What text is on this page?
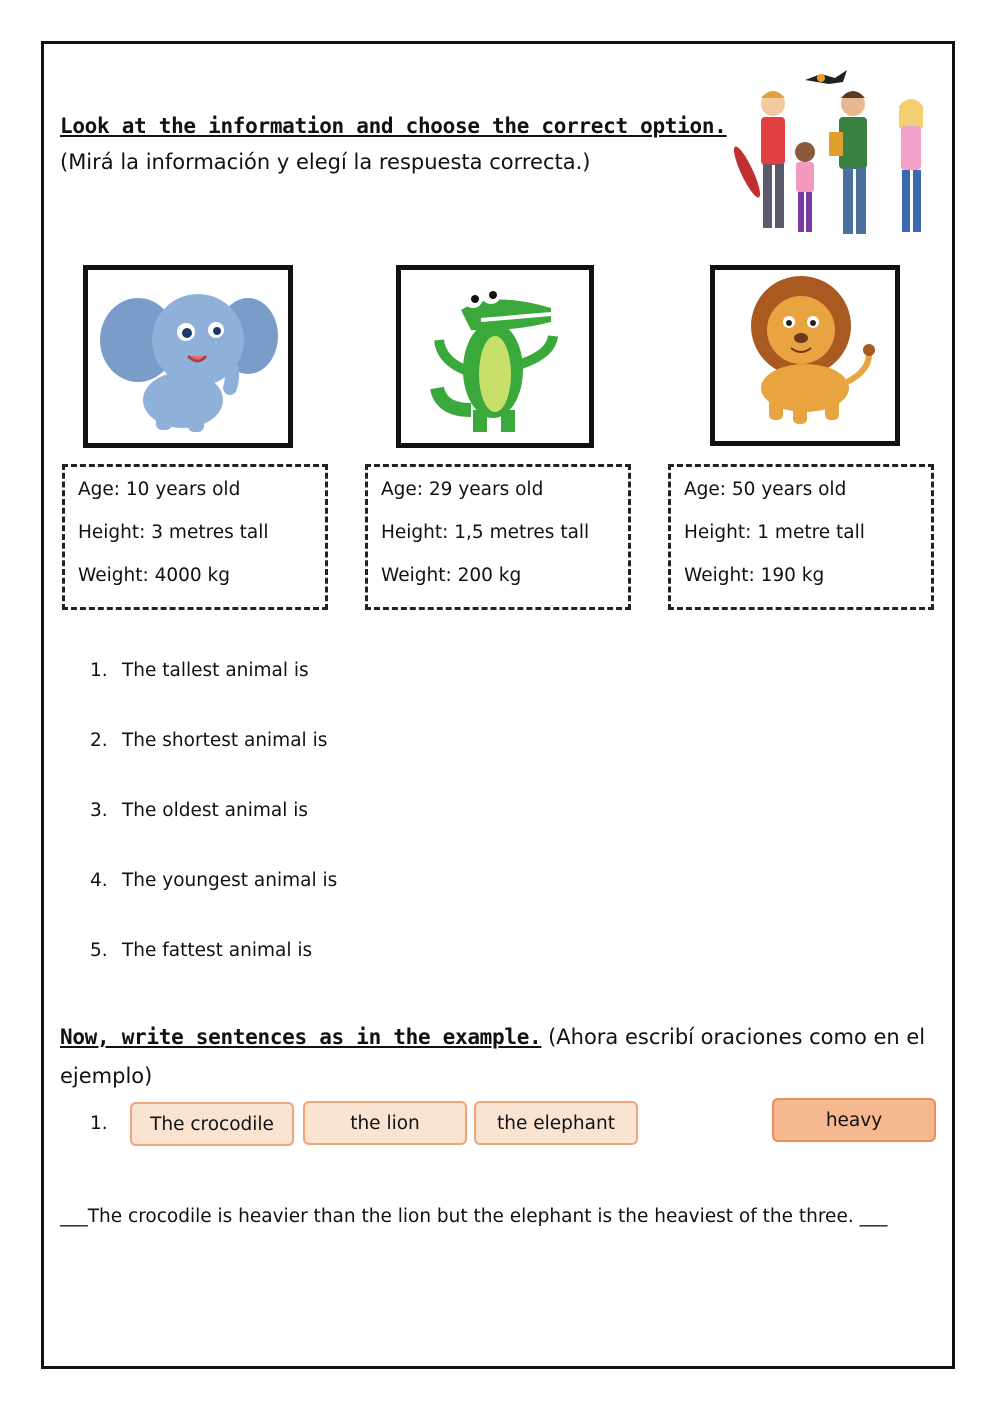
Look at the information and choose the correct option.
(Mirá la información y elegí la respuesta correcta.)
Age: 10 years old
Height: 3 metres tall
Weight: 4000 kg
Age: 29 years old
Height: 1,5 metres tall
Weight: 200 kg
Age: 50 years old
Height: 1 metre tall
Weight: 190 kg
1. The tallest animal is
2. The shortest animal is
3. The oldest animal is
4. The youngest animal is
5. The fattest animal is
Now, write sentences as in the example. (Ahora escribí oraciones como en el
ejemplo)
1.	The crocodile	the lion	the elephant	heavy
___The crocodile is heavier than the lion but the elephant is the heaviest of the three. ___
